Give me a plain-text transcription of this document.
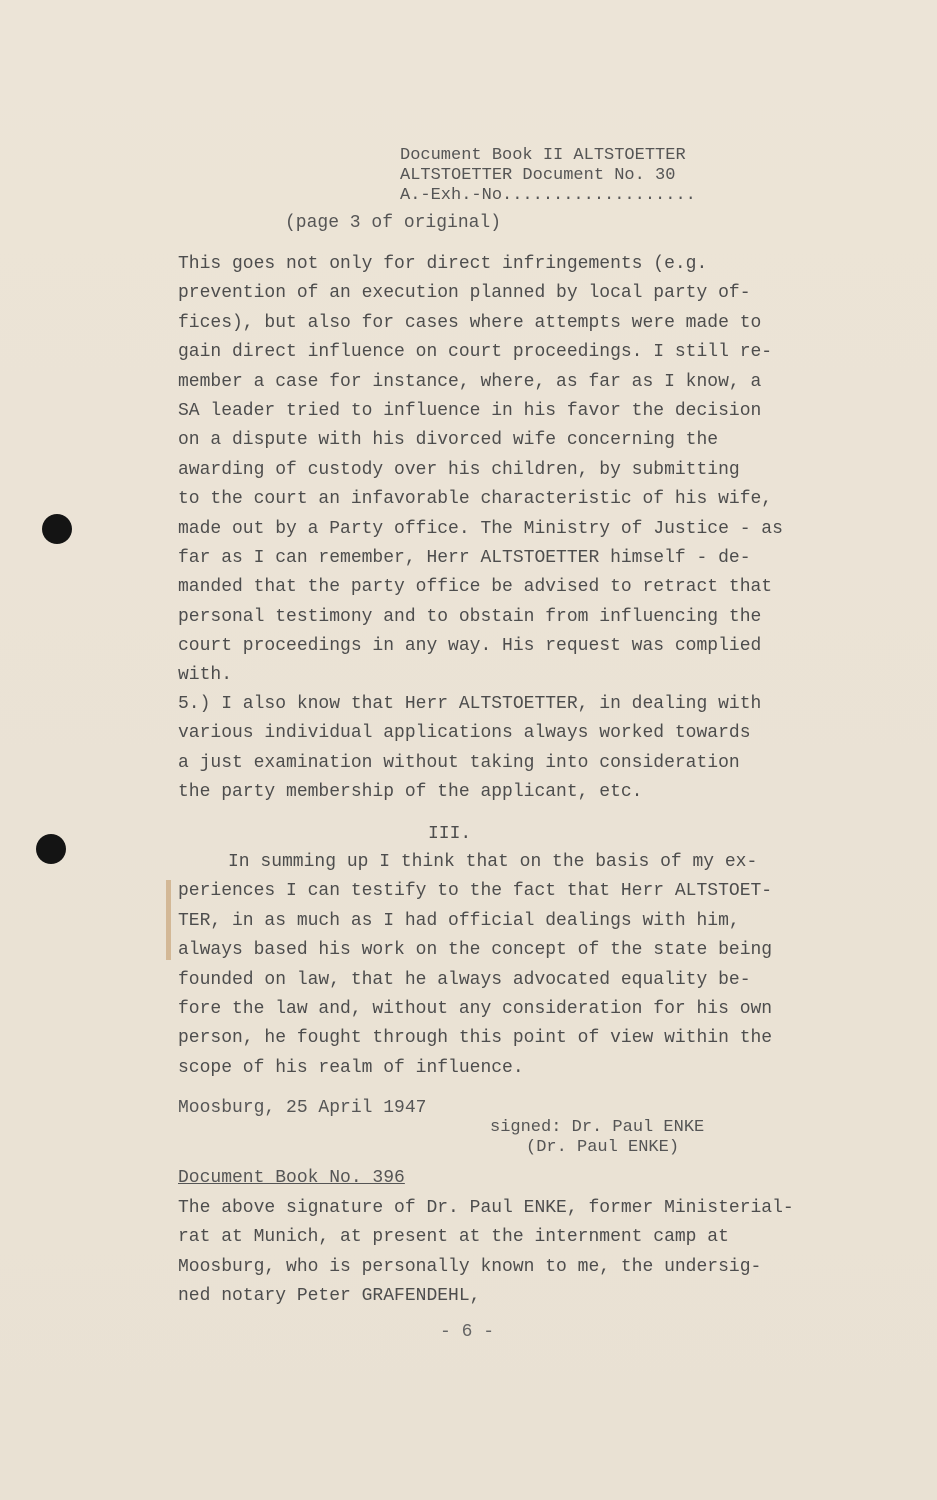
Document Book II ALTSTOETTER
ALTSTOETTER Document No. 30
A.-Exh.-No...................
(page 3 of original)
This goes not only for direct infringements (e.g.
prevention of an execution planned by local party of-
fices), but also for cases where attempts were made to
gain direct influence on court proceedings. I still re-
member a case for instance, where, as far as I know, a
SA leader tried to influence in his favor the decision
on a dispute with his divorced wife concerning the
awarding of custody over his children, by submitting
to the court an infavorable characteristic of his wife,
made out by a Party office. The Ministry of Justice - as
far as I can remember, Herr ALTSTOETTER himself - de-
manded that the party office be advised to retract that
personal testimony and to obstain from influencing the
court proceedings in any way. His request was complied
with.
5.) I also know that Herr ALTSTOETTER, in dealing with
various individual applications always worked towards
a just examination without taking into consideration
the party membership of the applicant, etc.
III.
In summing up I think that on the basis of my ex-
periences I can testify to the fact that Herr ALTSTOET-
TER, in as much as I had official dealings with him,
always based his work on the concept of the state being
founded on law, that he always advocated equality be-
fore the law and, without any consideration for his own
person, he fought through this point of view within the
scope of his realm of influence.
Moosburg, 25 April 1947
signed: Dr. Paul ENKE
(Dr. Paul ENKE)
Document Book No. 396
The above signature of Dr. Paul ENKE, former Ministerial-
rat at Munich, at present at the internment camp at
Moosburg, who is personally known to me, the undersig-
ned notary Peter GRAFENDEHL,
- 6 -
